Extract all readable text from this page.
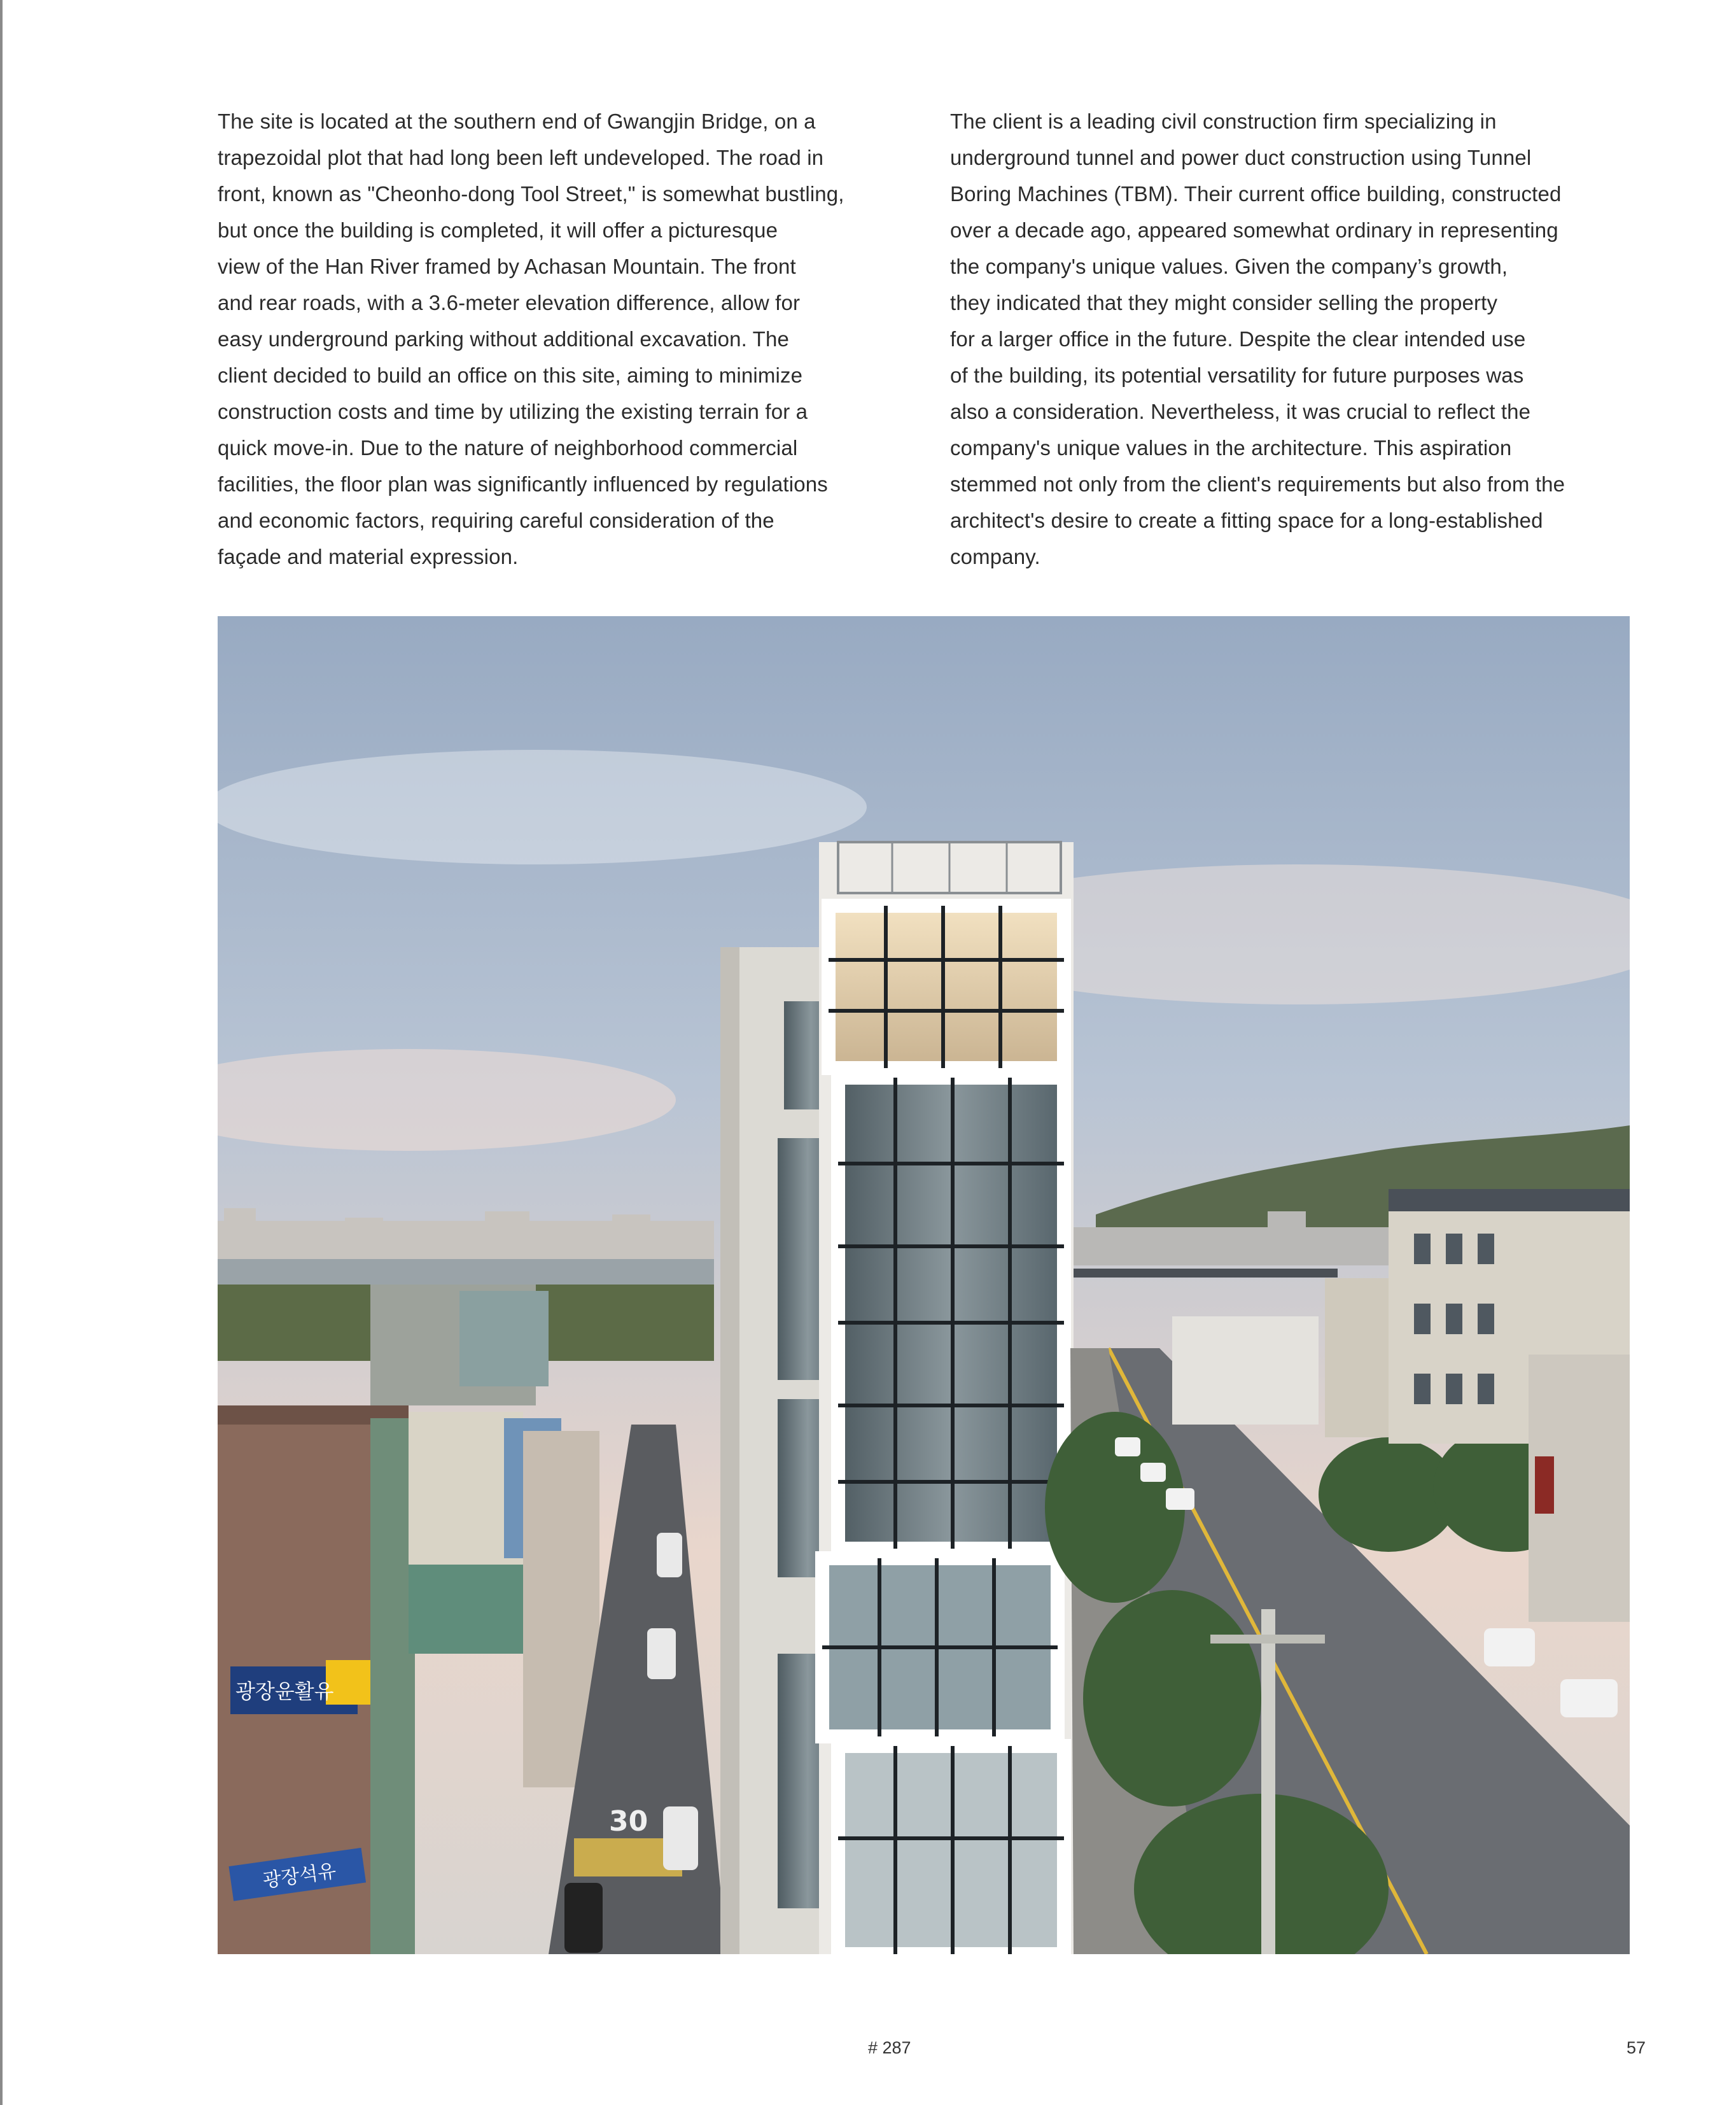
The site is located at the southern end of Gwangjin Bridge, on a
trapezoidal plot that had long been left undeveloped. The road in
front, known as "Cheonho-dong Tool Street," is somewhat bustling,
but once the building is completed, it will offer a picturesque
view of the Han River framed by Achasan Mountain. The front
and rear roads, with a 3.6-meter elevation difference, allow for
easy underground parking without additional excavation. The
client decided to build an office on this site, aiming to minimize
construction costs and time by utilizing the existing terrain for a
quick move-in. Due to the nature of neighborhood commercial
facilities, the floor plan was significantly influenced by regulations
and economic factors, requiring careful consideration of the
façade and material expression.
The client is a leading civil construction firm specializing in
underground tunnel and power duct construction using Tunnel
Boring Machines (TBM). Their current office building, constructed
over a decade ago, appeared somewhat ordinary in representing
the company's unique values. Given the company’s growth,
they indicated that they might consider selling the property
for a larger office in the future. Despite the clear intended use
of the building, its potential versatility for future purposes was
also a consideration. Nevertheless, it was crucial to reflect the
company's unique values in the architecture. This aspiration
stemmed not only from the client's requirements but also from the
architect's desire to create a fitting space for a long-established
company.
광장윤활유
광장석유
30
# 287	57
